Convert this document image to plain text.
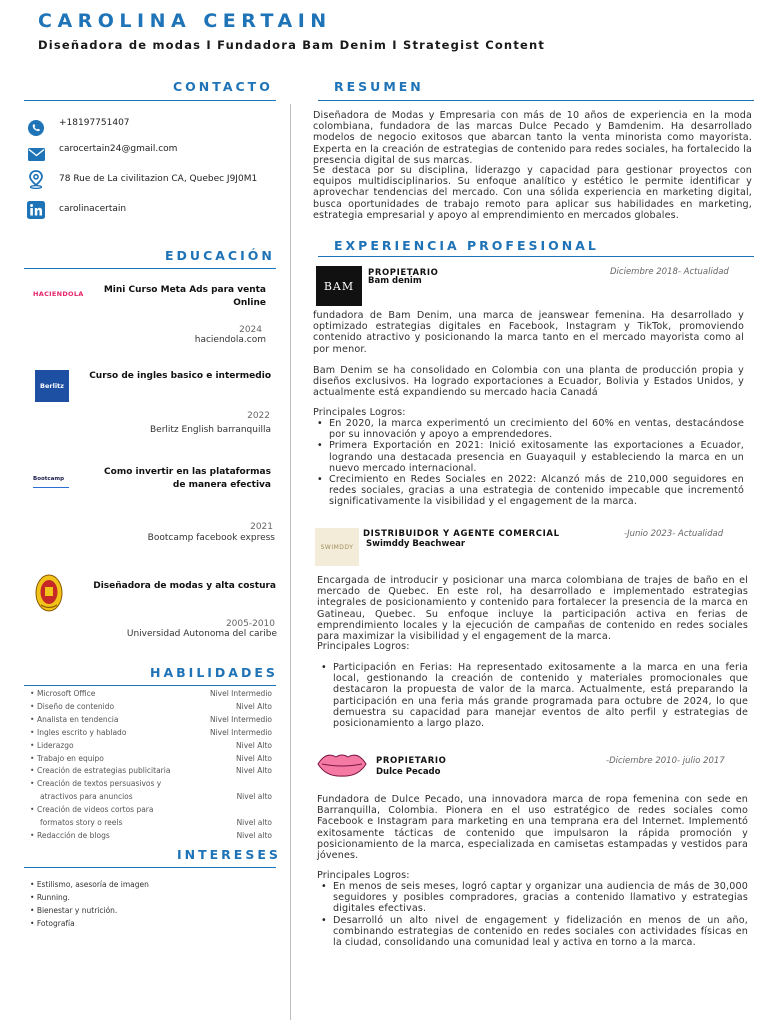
CAROLINA CERTAIN
Diseñadora de modas I Fundadora Bam Denim I Strategist Content
CONTACTO
+18197751407
carocertain24@gmail.com
78 Rue de La civilitazion CA, Quebec J9J0M1
carolinacertain
EDUCACIÓN
HACIENDOLA	Mini Curso Meta Ads para venta Online
2024
haciendola.com
Berlitz
Curso de ingles basico e intermedio
2022
Berlitz English barranquilla
Bootcamp
Como invertir en las plataformas de manera efectiva
2021
Bootcamp facebook express
Diseñadora de modas y alta costura
2005-2010
Universidad Autonoma del caribe
HABILIDADES
• Microsoft Office	Nivel Intermedio
• Diseño de contenido	Nivel Alto
• Analista en tendencia	Nivel Intermedio
• Ingles escrito y hablado	Nivel Intermedio
• Liderazgo	Nivel Alto
• Trabajo en equipo	Nivel Alto
• Creación de estrategias publicitaria	Nivel Alto
• Creación de textos persuasivos y
atractivos para anuncios	Nivel alto
• Creación de videos cortos para
formatos story o reels	Nivel alto
• Redacción de blogs	Nivel alto
INTERESES
• Estilismo, asesoría de imagen
• Running.
• Bienestar y nutrición.
• Fotografía
RESUMEN
Diseñadora de Modas y Empresaria con más de 10 años de experiencia en la moda colombiana, fundadora de las marcas Dulce Pecado y Bamdenim. Ha desarrollado modelos de negocio exitosos que abarcan tanto la venta minorista como mayorista. Experta en la creación de estrategias de contenido para redes sociales, ha fortalecido la presencia digital de sus marcas.
Se destaca por su disciplina, liderazgo y capacidad para gestionar proyectos con equipos multidisciplinarios. Su enfoque analítico y estético le permite identificar y aprovechar tendencias del mercado. Con una sólida experiencia en marketing digital, busca oportunidades de trabajo remoto para aplicar sus habilidades en marketing, estrategia empresarial y apoyo al emprendimiento en mercados globales.
EXPERIENCIA PROFESIONAL
BAM
PROPIETARIO
Bam denim
Diciembre 2018- Actualidad
fundadora de Bam Denim, una marca de jeanswear femenina. Ha desarrollado y optimizado estrategias digitales en Facebook, Instagram y TikTok, promoviendo contenido atractivo y posicionando la marca tanto en el mercado mayorista como al por menor.
Bam Denim se ha consolidado en Colombia con una planta de producción propia y diseños exclusivos. Ha logrado exportaciones a Ecuador, Bolivia y Estados Unidos, y actualmente está expandiendo su mercado hacia Canadá
Principales Logros:
• En 2020, la marca experimentó un crecimiento del 60% en ventas, destacándose por su innovación y apoyo a emprendedores.
• Primera Exportación en 2021: Inició exitosamente las exportaciones a Ecuador, logrando una destacada presencia en Guayaquil y estableciendo la marca en un nuevo mercado internacional.
• Crecimiento en Redes Sociales en 2022: Alcanzó más de 210,000 seguidores en redes sociales, gracias a una estrategia de contenido impecable que incrementó significativamente la visibilidad y el engagement de la marca.
SWIMDDY
DISTRIBUIDOR Y AGENTE COMERCIAL
Swimddy Beachwear
-Junio 2023- Actualidad
Encargada de introducir y posicionar una marca colombiana de trajes de baño en el mercado de Quebec. En este rol, ha desarrollado e implementado estrategias integrales de posicionamiento y contenido para fortalecer la presencia de la marca en Gatineau, Quebec. Su enfoque incluye la participación activa en ferias de emprendimiento locales y la ejecución de campañas de contenido en redes sociales para maximizar la visibilidad y el engagement de la marca.
Principales Logros:
• Participación en Ferias: Ha representado exitosamente a la marca en una feria local, gestionando la creación de contenido y materiales promocionales que destacaron la propuesta de valor de la marca. Actualmente, está preparando la participación en una feria más grande programada para octubre de 2024, lo que demuestra su capacidad para manejar eventos de alto perfil y estrategias de posicionamiento a largo plazo.
PROPIETARIO
Dulce Pecado
-Diciembre 2010- julio 2017
Fundadora de Dulce Pecado, una innovadora marca de ropa femenina con sede en Barranquilla, Colombia. Pionera en el uso estratégico de redes sociales como Facebook e Instagram para marketing en una temprana era del Internet. Implementó exitosamente tácticas de contenido que impulsaron la rápida promoción y posicionamiento de la marca, especializada en camisetas estampadas y vestidos para jóvenes.
Principales Logros:
• En menos de seis meses, logró captar y organizar una audiencia de más de 30,000 seguidores y posibles compradores, gracias a contenido llamativo y estrategias digitales efectivas.
• Desarrolló un alto nivel de engagement y fidelización en menos de un año, combinando estrategias de contenido en redes sociales con actividades físicas en la ciudad, consolidando una comunidad leal y activa en torno a la marca.
